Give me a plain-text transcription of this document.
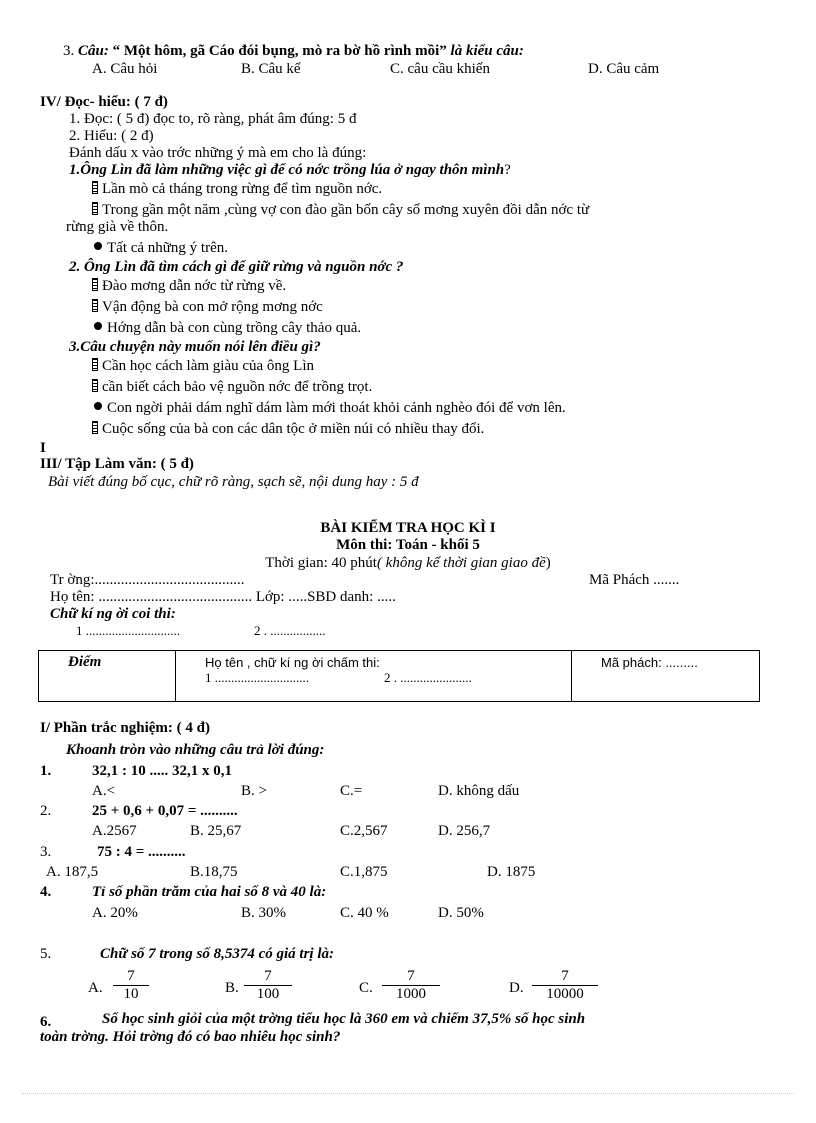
3. Câu: “ Một hôm, gã Cáo đói bụng, mò ra bờ hồ rình mồi” là kiểu câu:
A. Câu hỏi	B. Câu kể	C. câu cầu khiến	D. Câu cảm
IV/ Đọc- hiểu: ( 7 đ)
1. Đọc: ( 5 đ) đọc to, rõ ràng, phát âm đúng: 5 đ
2. Hiểu: ( 2 đ)
Đánh dấu x vào trớc những ý mà em cho là đúng:
1.Ông Lìn đã làm những việc gì để có nớc trồng lúa ở ngay thôn mình?
Lần mò cả tháng trong rừng để tìm nguồn nớc.
Trong gần một năm ,cùng vợ con đào gần bốn cây số mơng xuyên đồi dẫn nớc từ
rừng già về thôn.
Tất cả những ý trên.
2. Ông Lìn đã tìm cách gì để giữ rừng và nguồn nớc ?
Đào mơng dẫn nớc từ rừng về.
Vận động bà con mở rộng mơng nớc
Hớng dẫn bà con cùng trồng cây thảo quả.
3.Câu chuyện này muốn nói lên điều gì?
Cần học cách làm giàu của ông Lìn
cần biết cách bảo vệ nguồn nớc để trồng trọt.
Con ngời phải dám nghĩ dám làm mới thoát khỏi cảnh nghèo đói để vơn lên.
Cuộc sống của bà con các dân tộc ở miền núi có nhiều thay đổi.
I
III/ Tập Làm văn: ( 5 đ)
Bài viết đúng bố cục, chữ rõ ràng, sạch sẽ, nội dung hay : 5 đ
BÀI KIỂM TRA HỌC KÌ I
Môn thi: Toán - khối 5
Thời gian: 40 phút( không kể thời gian giao đề)
Tr ờng:........................................	Mã Phách .......
Họ tên: ......................................... Lớp: .....SBD danh: .....
Chữ kí ng ời coi thi:
1 .............................	2 . .................
Điểm	Họ tên , chữ kí ng ời chấm thi:
1 .............................	2 . ......................
Mã phách: .........
I/ Phần trắc nghiệm: ( 4 đ)
Khoanh tròn vào những câu trả lời đúng:
1.	32,1 : 10 ..... 32,1 x 0,1
A.<	B. >	C.=	D. không dấu
2.	25 + 0,6 + 0,07 = ..........
A.2567	B. 25,67	C.2,567	D. 256,7
3.	75 : 4 = ..........
A. 187,5	B.18,75	C.1,875	D. 1875
4.	Tỉ số phần trăm của hai số 8 và 40 là:
A. 20%	B. 30%	C. 40 %	D. 50%
5.	Chữ số 7 trong số 8,5374 có giá trị là:
A. $\frac{7}{10}$	B. $\frac{7}{100}$	C. $\frac{7}{1000}$	D. $\frac{7}{10000}$
6.	Số học sinh giỏi của một trờng tiểu học là 360 em và chiếm 37,5% số học sinh
toàn trờng. Hỏi trờng đó có bao nhiêu học sinh?
